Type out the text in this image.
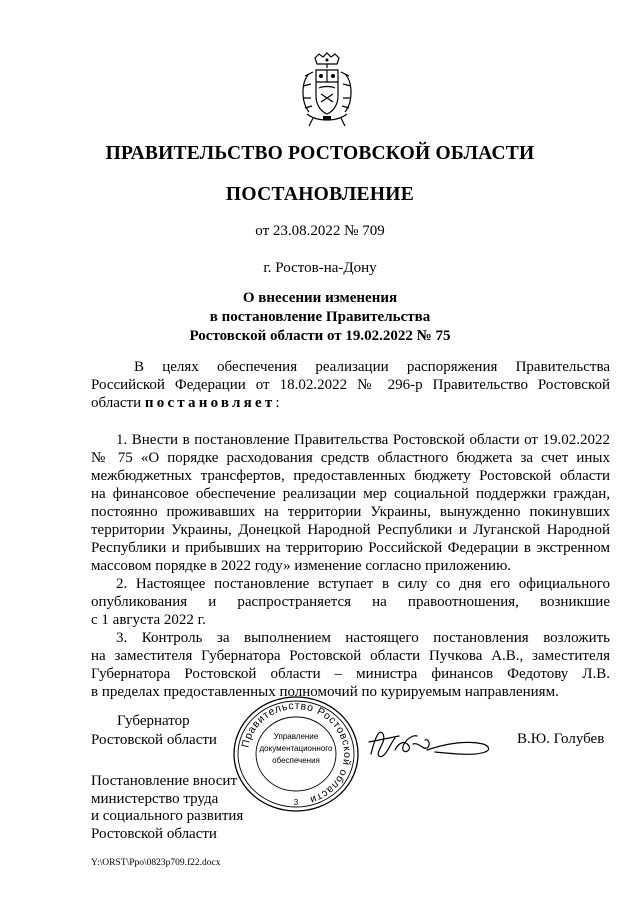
ПРАВИТЕЛЬСТВО РОСТОВСКОЙ ОБЛАСТИ
ПОСТАНОВЛЕНИЕ
от 23.08.2022 № 709
г. Ростов-на-Дону
О внесении изменения
в постановление Правительства
Ростовской области от 19.02.2022 № 75
В целях обеспечения реализации распоряжения Правительства
Российской Федерации от 18.02.2022 № 296-р Правительство Ростовской
области постановляет:
1. Внести в постановление Правительства Ростовской области от 19.02.2022
№ 75 «О порядке расходования средств областного бюджета за счет иных
межбюджетных трансфертов, предоставленных бюджету Ростовской области
на финансовое обеспечение реализации мер социальной поддержки граждан,
постоянно проживавших на территории Украины, вынужденно покинувших
территории Украины, Донецкой Народной Республики и Луганской Народной
Республики и прибывших на территорию Российской Федерации в экстренном
массовом порядке в 2022 году» изменение согласно приложению.
2. Настоящее постановление вступает в силу со дня его официального
опубликования и распространяется на правоотношения, возникшие
с 1 августа 2022 г.
3. Контроль за выполнением настоящего постановления возложить
на заместителя Губернатора Ростовской области Пучкова А.В., заместителя
Губернатора Ростовской области – министра финансов Федотову Л.В.
в пределах предоставленных полномочий по курируемым направлениям.
Губернатор
Ростовской области Правительство Ростовской области
Управление
документационного
обеспечения
3
В.Ю. Голубев
Постановление вносит
министерство труда
и социального развития
Ростовской области
Y:\ORST\Ppo\0823p709.f22.docx
